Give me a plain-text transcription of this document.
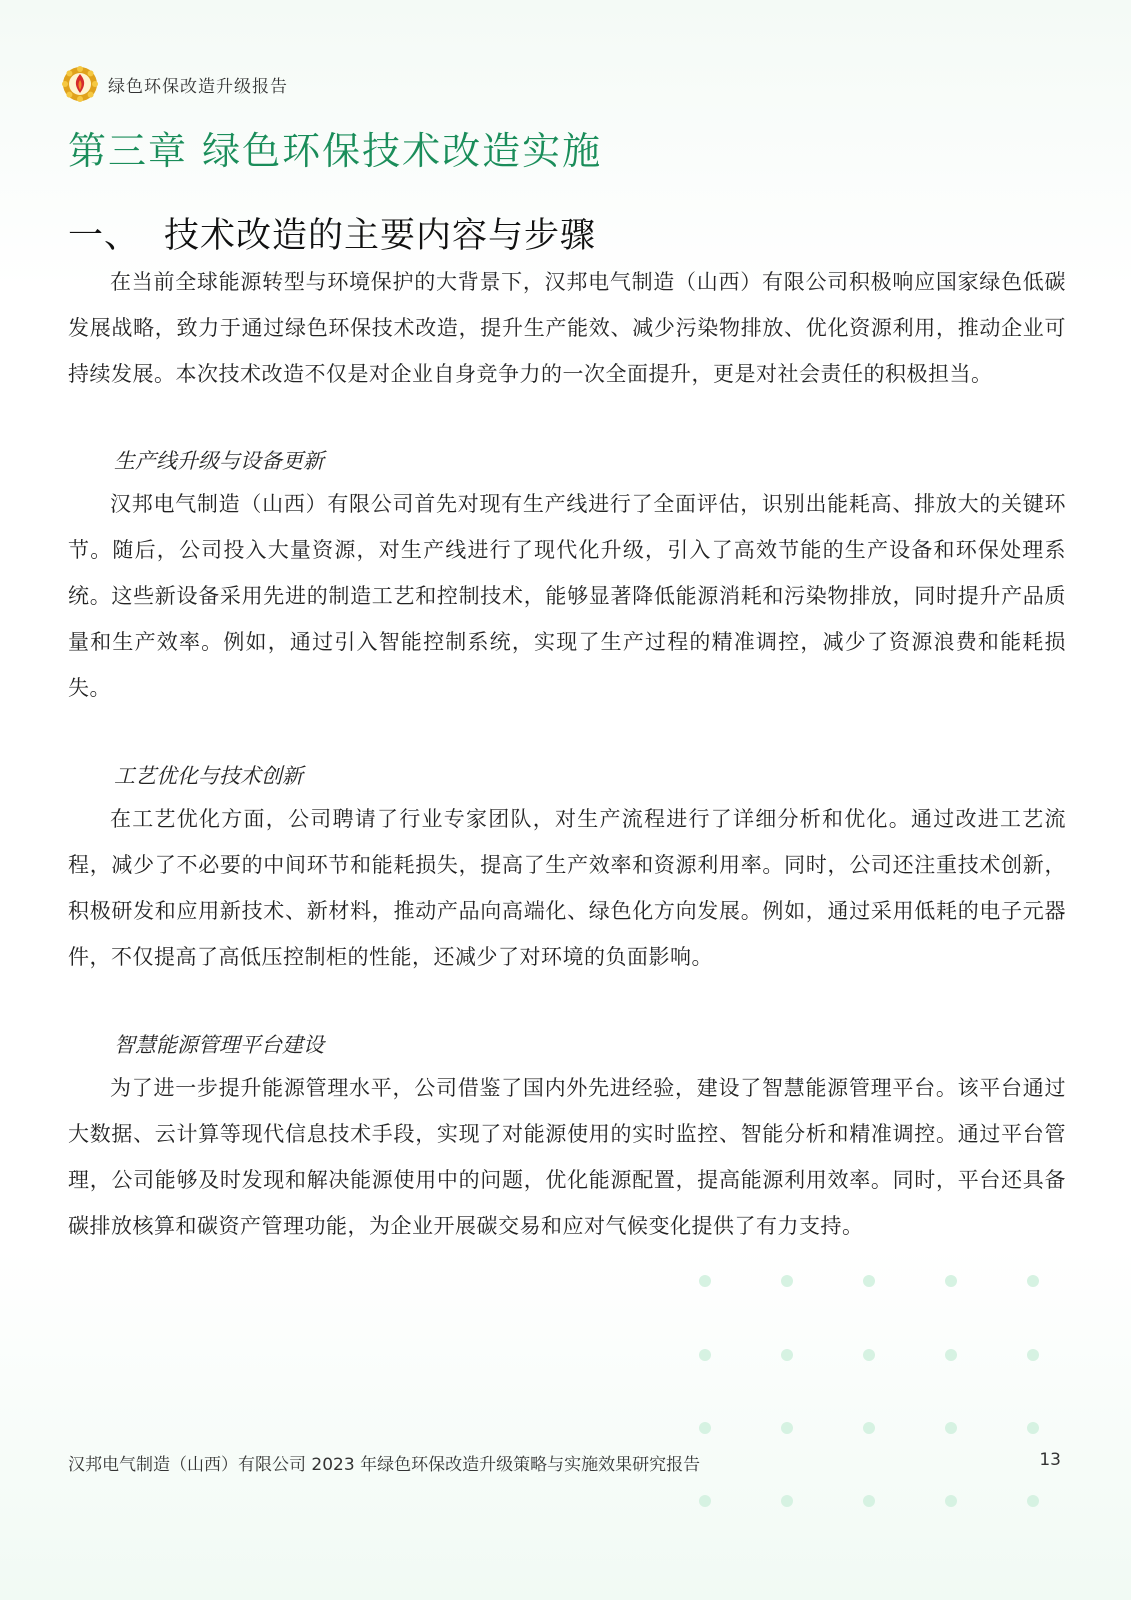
绿色环保改造升级报告
第三章 绿色环保技术改造实施
一、 技术改造的主要内容与步骤

在当前全球能源转型与环境保护的大背景下，汉邦电气制造（山西）有限公司积极响应国家绿色低碳发展战略，致力于通过绿色环保技术改造，提升生产能效、减少污染物排放、优化资源利用，推动企业可持续发展。本次技术改造不仅是对企业自身竞争力的一次全面提升，更是对社会责任的积极担当。

生产线升级与设备更新

汉邦电气制造（山西）有限公司首先对现有生产线进行了全面评估，识别出能耗高、排放大的关键环节。随后，公司投入大量资源，对生产线进行了现代化升级，引入了高效节能的生产设备和环保处理系统。这些新设备采用先进的制造工艺和控制技术，能够显著降低能源消耗和污染物排放，同时提升产品质量和生产效率。例如，通过引入智能控制系统，实现了生产过程的精准调控，减少了资源浪费和能耗损失。

工艺优化与技术创新

在工艺优化方面，公司聘请了行业专家团队，对生产流程进行了详细分析和优化。通过改进工艺流程，减少了不必要的中间环节和能耗损失，提高了生产效率和资源利用率。同时，公司还注重技术创新，积极研发和应用新技术、新材料，推动产品向高端化、绿色化方向发展。例如，通过采用低耗的电子元器件，不仅提高了高低压控制柜的性能，还减少了对环境的负面影响。

智慧能源管理平台建设

为了进一步提升能源管理水平，公司借鉴了国内外先进经验，建设了智慧能源管理平台。该平台通过大数据、云计算等现代信息技术手段，实现了对能源使用的实时监控、智能分析和精准调控。通过平台管理，公司能够及时发现和解决能源使用中的问题，优化能源配置，提高能源利用效率。同时，平台还具备碳排放核算和碳资产管理功能，为企业开展碳交易和应对气候变化提供了有力支持。

汉邦电气制造（山西）有限公司 2023 年绿色环保改造升级策略与实施效果研究报告	13
